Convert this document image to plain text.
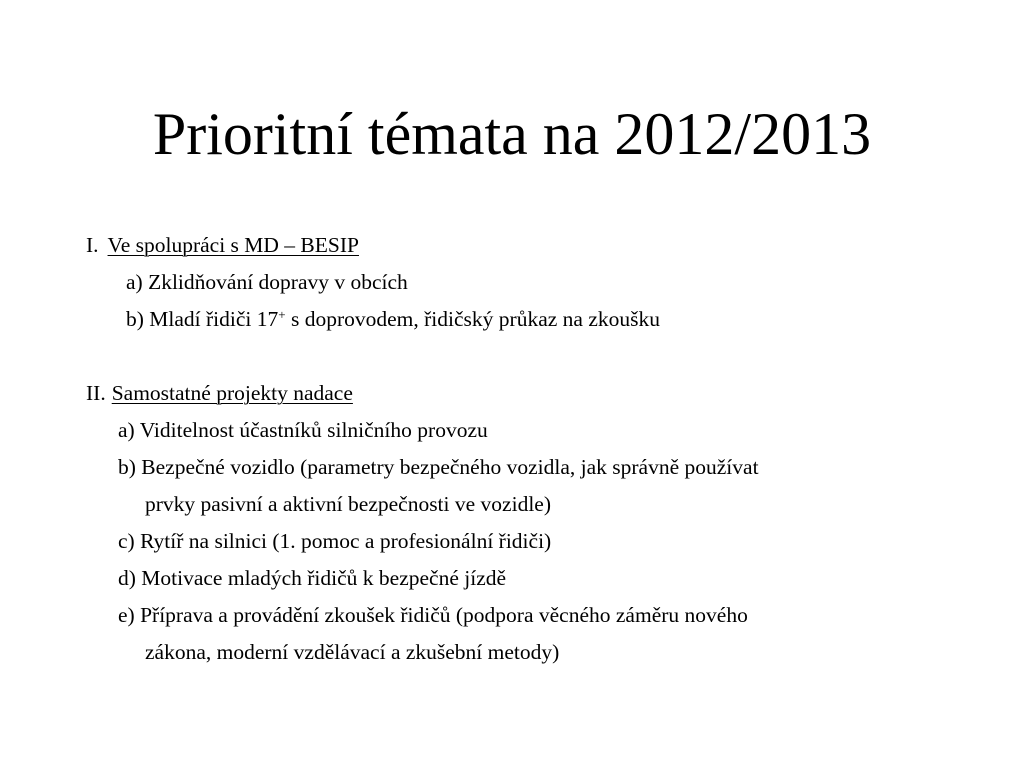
Prioritní témata na 2012/2013
I. Ve spolupráci s MD – BESIP
a) Zklidňování dopravy v obcích
b) Mladí řidiči 17+ s doprovodem, řidičský průkaz na zkoušku
II. Samostatné projekty nadace
a) Viditelnost účastníků silničního provozu
b) Bezpečné vozidlo (parametry bezpečného vozidla, jak správně používat
prvky pasivní a aktivní bezpečnosti ve vozidle)
c) Rytíř na silnici (1. pomoc a profesionální řidiči)
d) Motivace mladých řidičů k bezpečné jízdě
e) Příprava a provádění zkoušek řidičů (podpora věcného záměru nového
zákona, moderní vzdělávací a zkušební metody)
